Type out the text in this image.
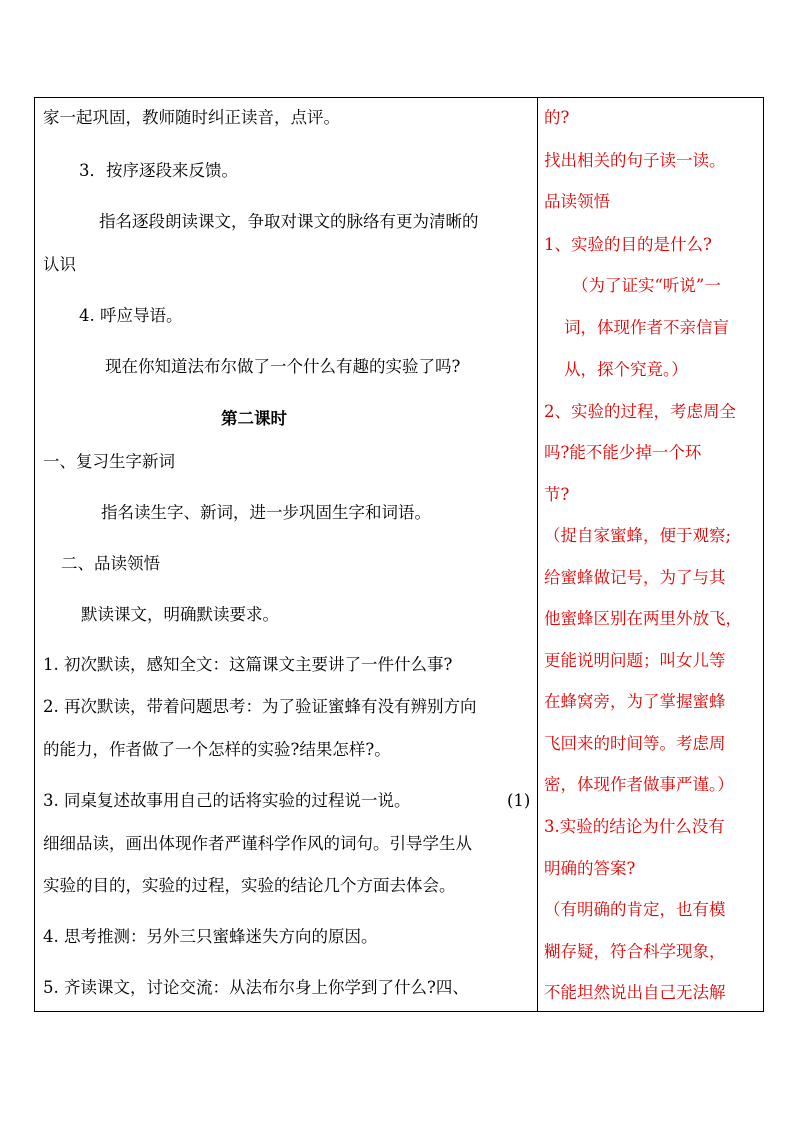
家一起巩固，教师随时纠正读音，点评。
3．按序逐段来反馈。
指名逐段朗读课文，争取对课文的脉络有更为清晰的
认识
4. 呼应导语。
现在你知道法布尔做了一个什么有趣的实验了吗?
第二课时
一、复习生字新词
指名读生字、新词，进一步巩固生字和词语。
二、品读领悟
默读课文，明确默读要求。
1. 初次默读，感知全文：这篇课文主要讲了一件什么事?
2. 再次默读，带着问题思考：为了验证蜜蜂有没有辨别方向
的能力，作者做了一个怎样的实验?结果怎样?。
3. 同桌复述故事用自己的话将实验的过程说一说。	(1)
细细品读，画出体现作者严谨科学作风的词句。引导学生从
实验的目的，实验的过程，实验的结论几个方面去体会。
4. 思考推测：另外三只蜜蜂迷失方向的原因。
5. 齐读课文，讨论交流：从法布尔身上你学到了什么?四、
的?
找出相关的句子读一读。
品读领悟
1、实验的目的是什么?
（为了证实“听说”一
词，体现作者不亲信盲
从，探个究竟。）
2、实验的过程，考虑周全
吗?能不能少掉一个环
节?
（捉自家蜜蜂，便于观察;
给蜜蜂做记号，为了与其
他蜜蜂区别在两里外放飞，
更能说明问题；叫女儿等
在蜂窝旁，为了掌握蜜蜂
飞回来的时间等。考虑周
密，体现作者做事严谨。）
3.实验的结论为什么没有
明确的答案?
（有明确的肯定，也有模
糊存疑，符合科学现象，
不能坦然说出自己无法解
